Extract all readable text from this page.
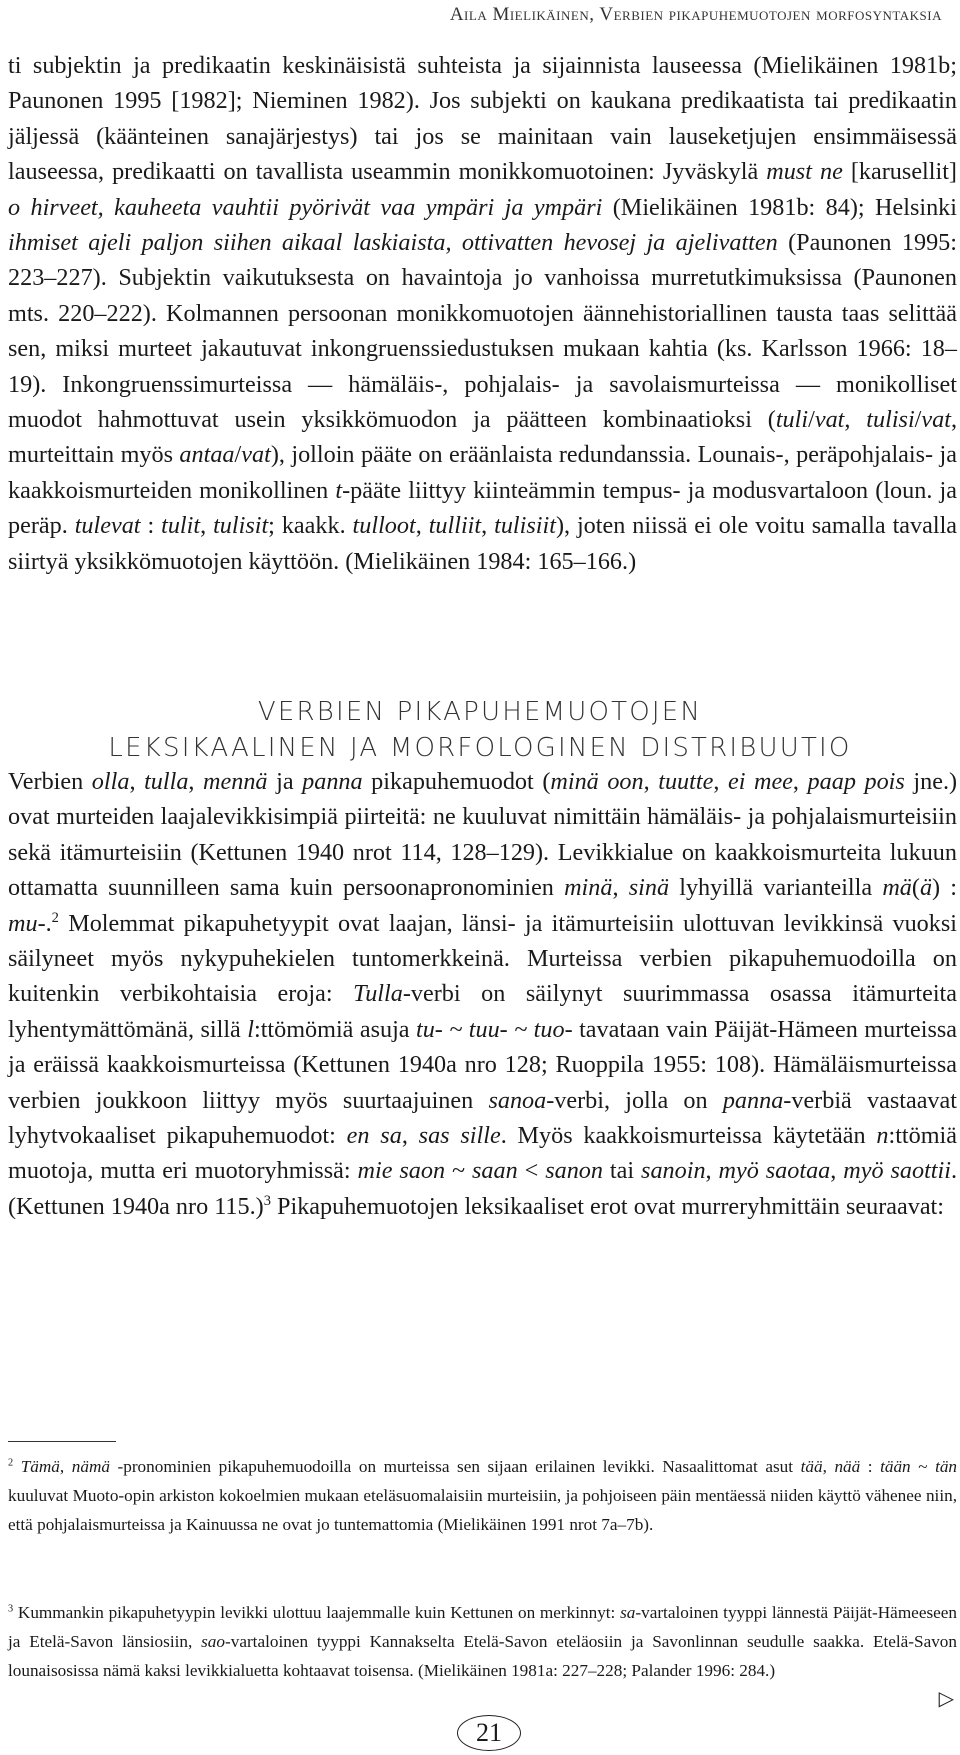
Aila Mielikäinen, Verbien pikapuhemuotojen morfosyntaksia
ti subjektin ja predikaatin keskinäisistä suhteista ja sijainnista lauseessa (Mielikäinen 1981b; Paunonen 1995 [1982]; Nieminen 1982). Jos subjekti on kaukana predikaatista tai predikaatin jäljessä (käänteinen sanajärjestys) tai jos se mainitaan vain lauseketjujen ensimmäisessä lauseessa, predikaatti on tavallista useammin monikkomuotoinen: Jyväskylä must ne [karusellit] o hirveet, kauheeta vauhtii pyörivät vaa ympäri ja ympäri (Mielikäinen 1981b: 84); Helsinki ihmiset ajeli paljon siihen aikaal laskiaista, ottivatten hevosej ja ajelivatten (Paunonen 1995: 223–227). Subjektin vaikutuksesta on havaintoja jo vanhoissa murretutkimuksissa (Paunonen mts. 220–222). Kolmannen persoonan monikkomuotojen äännehistoriallinen tausta taas selittää sen, miksi murteet jakautuvat inkongruenssiedustuksen mukaan kahtia (ks. Karlsson 1966: 18–19). Inkongruenssimurteissa — hämäläis-, pohjalais- ja savolaismurteissa — monikolliset muodot hahmottuvat usein yksikkömuodon ja päätteen kombinaatioksi (tuli/vat, tulisi/vat, murteittain myös antaa/vat), jolloin pääte on eräänlaista redundanssia. Lounais-, peräpohjalais- ja kaakkoismurteiden monikollinen t-pääte liittyy kiinteämmin tempus- ja modusvartaloon (loun. ja peräp. tulevat : tulit, tulisit; kaakk. tulloot, tulliit, tulisiit), joten niissä ei ole voitu samalla tavalla siirtyä yksikkömuotojen käyttöön. (Mielikäinen 1984: 165–166.)
VERBIEN PIKAPUHEMUOTOJEN
LEKSIKAALINEN JA MORFOLOGINEN DISTRIBUUTIO
Verbien olla, tulla, mennä ja panna pikapuhemuodot (minä oon, tuutte, ei mee, paap pois jne.) ovat murteiden laajalevikkisimpiä piirteitä: ne kuuluvat nimittäin hämäläis- ja pohjalaismurteisiin sekä itämurteisiin (Kettunen 1940 nrot 114, 128–129). Levikkialue on kaakkoismurteita lukuun ottamatta suunnilleen sama kuin persoonapronominien minä, sinä lyhyillä varianteilla mä(ä) : mu-.$^2$ Molemmat pikapuhetyypit ovat laajan, länsi- ja itämurteisiin ulottuvan levikkinsä vuoksi säilyneet myös nykypuhekielen tuntomerkkeinä. Murteissa verbien pikapuhemuodoilla on kuitenkin verbikohtaisia eroja: Tulla-verbi on säilynyt suurimmassa osassa itämurteita lyhentymättömänä, sillä l:ttömömiä asuja tu- ~ tuu- ~ tuo- tavataan vain Päijät-Hämeen murteissa ja eräissä kaakkoismurteissa (Kettunen 1940a nro 128; Ruoppila 1955: 108). Hämäläismurteissa verbien joukkoon liittyy myös suurtaajuinen sanoa-verbi, jolla on panna-verbiä vastaavat lyhytvokaaliset pikapuhemuodot: en sa, sas sille. Myös kaakkoismurteissa käytetään n:ttömiä muotoja, mutta eri muotoryhmissä: mie saon ~ saan < sanon tai sanoin, myö saotaa, myö saottii. (Kettunen 1940a nro 115.)$^3$ Pikapuhemuotojen leksikaaliset erot ovat murreryhmittäin seuraavat:
$^2$ Tämä, nämä -pronominien pikapuhemuodoilla on murteissa sen sijaan erilainen levikki. Nasaalittomat asut tää, nää : tään ~ tän kuuluvat Muoto-opin arkiston kokoelmien mukaan eteläsuomalaisiin murteisiin, ja pohjoiseen päin mentäessä niiden käyttö vähenee niin, että pohjalaismurteissa ja Kainuussa ne ovat jo tuntemattomia (Mielikäinen 1991 nrot 7a–7b).
$^3$ Kummankin pikapuhetyypin levikki ulottuu laajemmalle kuin Kettunen on merkinnyt: sa-vartaloinen tyyppi lännestä Päijät-Hämeeseen ja Etelä-Savon länsiosiin, sao-vartaloinen tyyppi Kannakselta Etelä-Savon eteläosiin ja Savonlinnan seudulle saakka. Etelä-Savon lounaisosissa nämä kaksi levikkialuetta kohtaavat toisensa. (Mielikäinen 1981a: 227–228; Palander 1996: 284.)
▷
21
